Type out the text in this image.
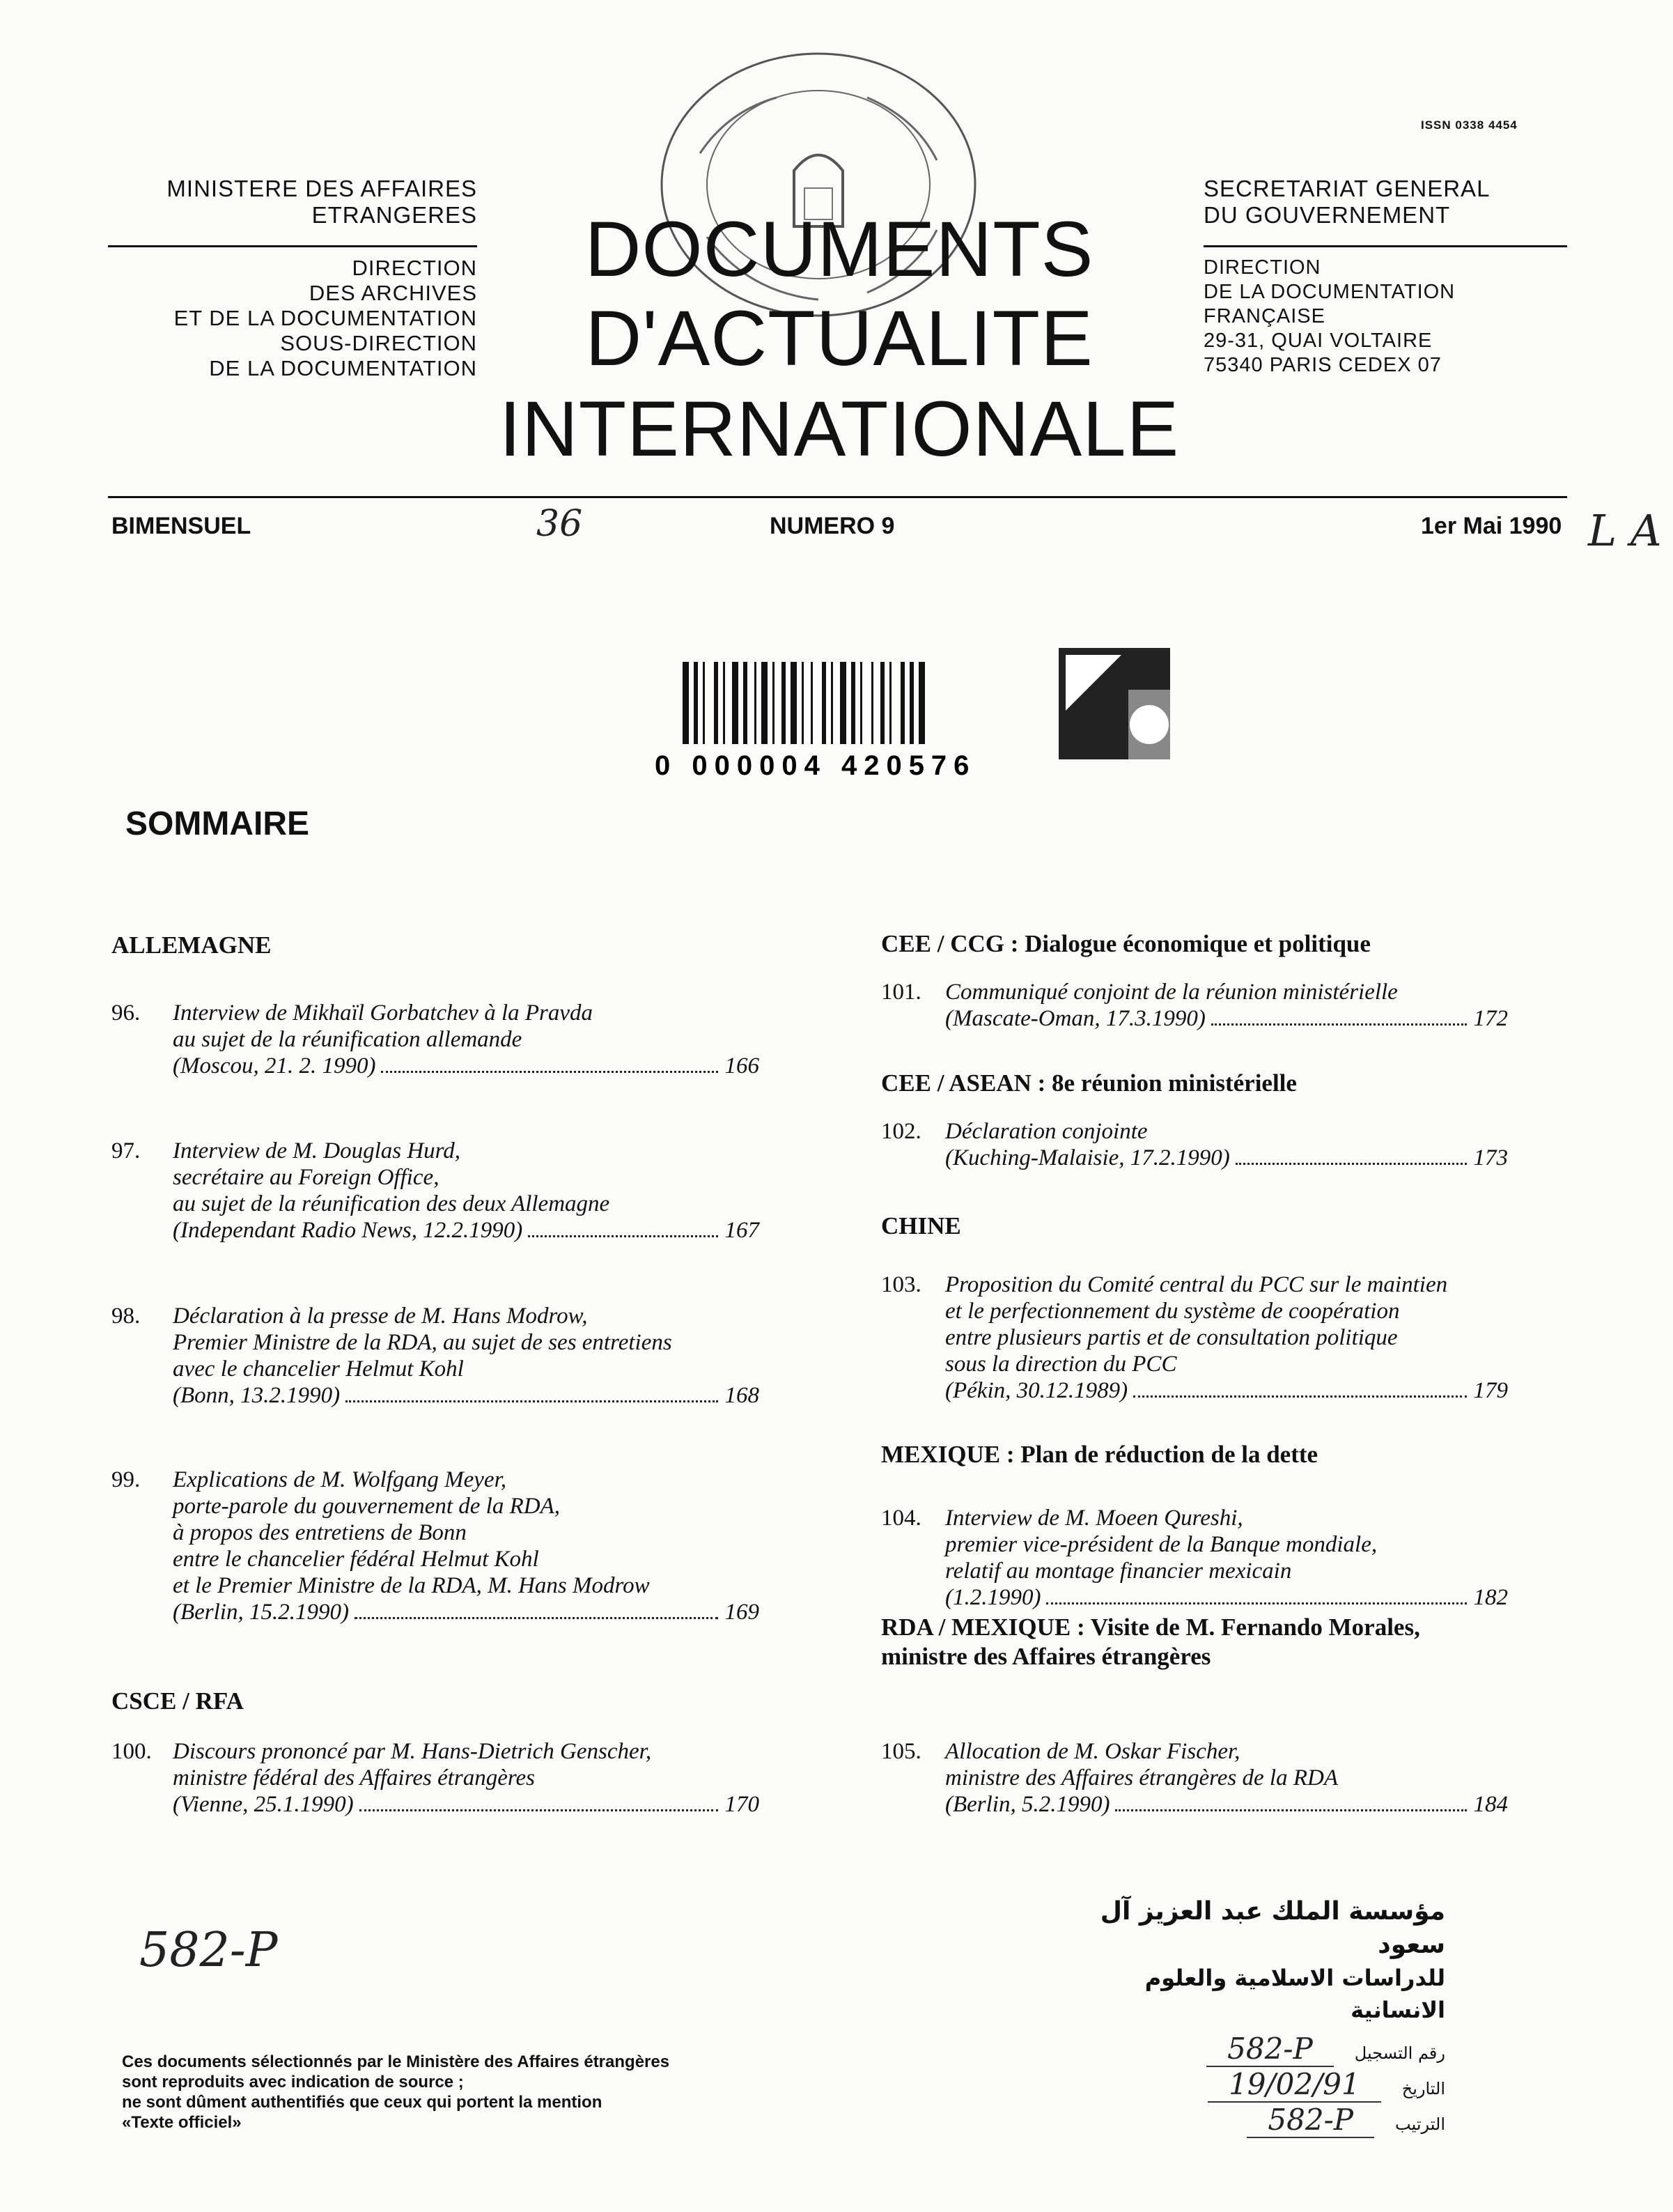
ISSN 0338 4454
MINISTERE DES AFFAIRES
ETRANGERES
DIRECTION
DES ARCHIVES
ET DE LA DOCUMENTATION
SOUS-DIRECTION
DE LA DOCUMENTATION
DOCUMENTS
D'ACTUALITE
INTERNATIONALE
SECRETARIAT GENERAL
DU GOUVERNEMENT
DIRECTION
DE LA DOCUMENTATION
FRANÇAISE
29-31, QUAI VOLTAIRE
75340 PARIS CEDEX 07
BIMENSUEL	36	NUMERO 9	1er Mai 1990 L A
0 000004 420576
SOMMAIRE
ALLEMAGNE
96. Interview de Mikhaïl Gorbatchev à la Pravda
au sujet de la réunification allemande
(Moscou, 21. 2. 1990)	166
97. Interview de M. Douglas Hurd,
secrétaire au Foreign Office,
au sujet de la réunification des deux Allemagne
(Independant Radio News, 12.2.1990)	167
98. Déclaration à la presse de M. Hans Modrow,
Premier Ministre de la RDA, au sujet de ses entretiens
avec le chancelier Helmut Kohl
(Bonn, 13.2.1990)	168
99. Explications de M. Wolfgang Meyer,
porte-parole du gouvernement de la RDA,
à propos des entretiens de Bonn
entre le chancelier fédéral Helmut Kohl
et le Premier Ministre de la RDA, M. Hans Modrow
(Berlin, 15.2.1990)	169
CSCE / RFA
100. Discours prononcé par M. Hans-Dietrich Genscher,
ministre fédéral des Affaires étrangères
(Vienne, 25.1.1990)	170
CEE / CCG : Dialogue économique et politique
101. Communiqué conjoint de la réunion ministérielle
(Mascate-Oman, 17.3.1990)	172
CEE / ASEAN : 8e réunion ministérielle
102. Déclaration conjointe
(Kuching-Malaisie, 17.2.1990)	173
CHINE
103. Proposition du Comité central du PCC sur le maintien
et le perfectionnement du système de coopération
entre plusieurs partis et de consultation politique
sous la direction du PCC
(Pékin, 30.12.1989)	179
MEXIQUE : Plan de réduction de la dette
104. Interview de M. Moeen Qureshi,
premier vice-président de la Banque mondiale,
relatif au montage financier mexicain
(1.2.1990)	182
RDA / MEXIQUE : Visite de M. Fernando Morales,
ministre des Affaires étrangères
105. Allocation de M. Oskar Fischer,
ministre des Affaires étrangères de la RDA
(Berlin, 5.2.1990)	184
582-P
مؤسسة الملك عبد العزيز آل سعود
للدراسات الاسلامية والعلوم الانسانية
رقم التسجيل
582-P
التاريخ
19/02/91
الترتيب
582-P
Ces documents sélectionnés par le Ministère des Affaires étrangères
sont reproduits avec indication de source ;
ne sont dûment authentifiés que ceux qui portent la mention
«Texte officiel»
